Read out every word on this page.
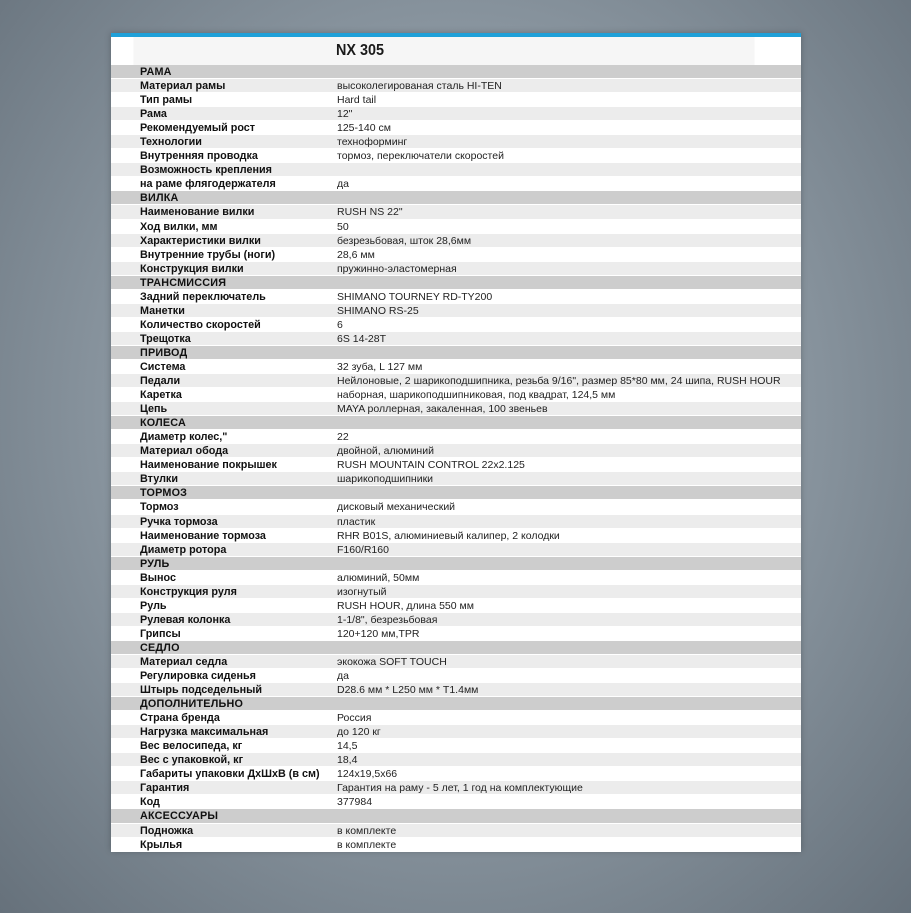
NX 305
РАМА
Материал рамы	высоколегированая сталь HI-TEN
Тип рамы	Hard tail
Рама	12"
Рекомендуемый рост	125-140 см
Технологии	техноформинг
Внутренняя проводка	тормоз, переключатели скоростей
Возможность крепления
на раме флягодержателя	да
ВИЛКА
Наименование вилки	RUSH NS 22"
Ход вилки, мм	50
Характеристики вилки	безрезьбовая, шток 28,6мм
Внутренние трубы (ноги)	28,6 мм
Конструкция вилки	пружинно-эластомерная
ТРАНСМИССИЯ
Задний переключатель	SHIMANO TOURNEY RD-TY200
Манетки	SHIMANO RS-25
Количество скоростей	6
Трещотка	6S 14-28T
ПРИВОД
Система	32 зуба, L 127 мм
Педали	Нейлоновые, 2 шарикоподшипника, резьба 9/16", размер 85*80 мм, 24 шипа, RUSH HOUR
Каретка	наборная, шарикоподшипниковая, под квадрат, 124,5 мм
Цепь	MAYA роллерная, закаленная, 100 звеньев
КОЛЕСА
Диаметр колес,"	22
Материал обода	двойной, алюминий
Наименование покрышек	RUSH MOUNTAIN CONTROL 22x2.125
Втулки	шарикоподшипники
ТОРМОЗ
Тормоз	дисковый механический
Ручка тормоза	пластик
Наименование тормоза	RHR B01S, алюминиевый калипер, 2 колодки
Диаметр ротора	F160/R160
РУЛЬ
Вынос	алюминий, 50мм
Конструкция руля	изогнутый
Руль	RUSH HOUR, длина 550 мм
Рулевая колонка	1-1/8", безрезьбовая
Грипсы	120+120 мм,TPR
СЕДЛО
Материал седла	экокожа SOFT TOUCH
Регулировка сиденья	да
Штырь подседельный	D28.6 мм * L250 мм * T1.4мм
ДОПОЛНИТЕЛЬНО
Страна бренда	Россия
Нагрузка максимальная	до 120 кг
Вес велосипеда, кг	14,5
Вес с упаковкой, кг	18,4
Габариты упаковки ДхШхВ (в см) 124x19,5x66
Гарантия	Гарантия на раму - 5 лет, 1 год на комплектующие
Код	377984
АКСЕССУАРЫ
Подножка	в комплекте
Крылья	в комплекте
